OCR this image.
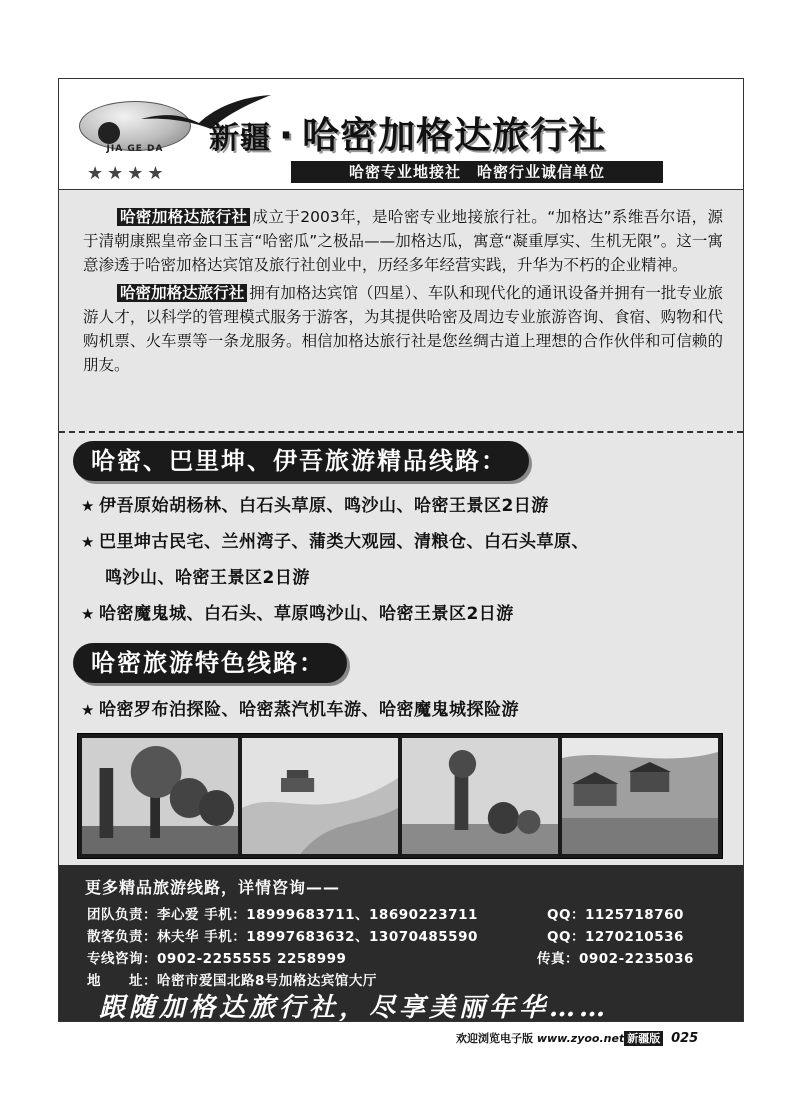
JIA GE DA
★★★★
新疆 · 哈密加格达旅行社
哈密专业地接社　哈密行业诚信单位

哈密加格达旅行社 成立于2003年，是哈密专业地接旅行社。“加格达”系维吾尔语，源于清朝康熙皇帝金口玉言“哈密瓜”之极品——加格达瓜，寓意“凝重厚实、生机无限”。这一寓意渗透于哈密加格达宾馆及旅行社创业中，历经多年经营实践，升华为不朽的企业精神。

哈密加格达旅行社 拥有加格达宾馆（四星）、车队和现代化的通讯设备并拥有一批专业旅游人才，以科学的管理模式服务于游客，为其提供哈密及周边专业旅游咨询、食宿、购物和代购机票、火车票等一条龙服务。相信加格达旅行社是您丝绸古道上理想的合作伙伴和可信赖的朋友。

哈密、巴里坤、伊吾旅游精品线路：
★ 伊吾原始胡杨林、白石头草原、鸣沙山、哈密王景区2日游
★ 巴里坤古民宅、兰州湾子、蒲类大观园、清粮仓、白石头草原、
鸣沙山、哈密王景区2日游
★ 哈密魔鬼城、白石头、草原鸣沙山、哈密王景区2日游
哈密旅游特色线路：
★ 哈密罗布泊探险、哈密蒸汽机车游、哈密魔鬼城探险游
更多精品旅游线路，详情咨询——
团队负责：李心爱 手机：18999683711、18690223711	QQ：1125718760
散客负责：林夫华 手机：18997683632、13070485590	QQ：1270210536
专线咨询：0902-2255555 2258999	传真：0902-2235036
地　　址：哈密市爱国北路8号加格达宾馆大厅
跟随加格达旅行社，尽享美丽年华……
欢迎浏览电子版 www.zyoo.net 新疆版 025
